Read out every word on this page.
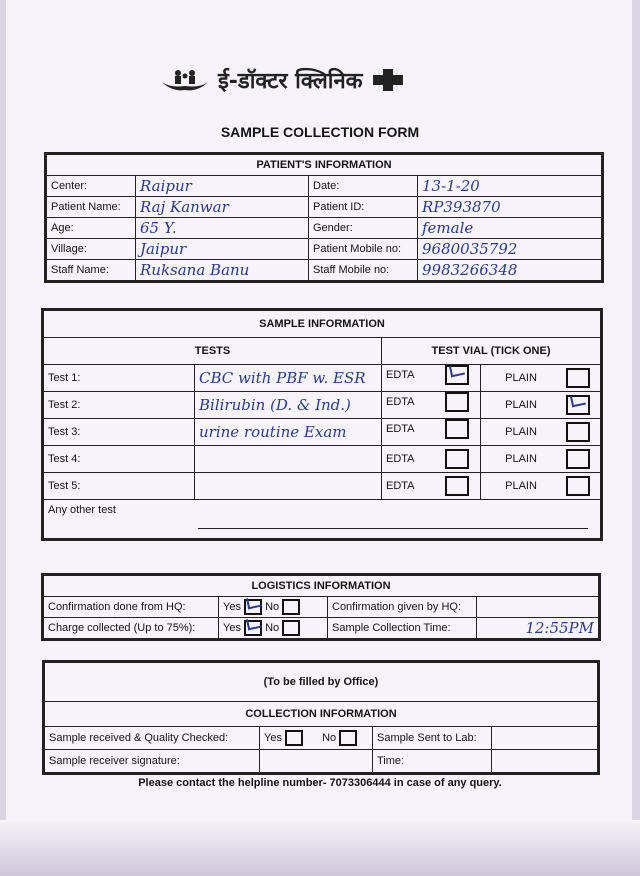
ई-डॉक्टर क्लिनिक
SAMPLE COLLECTION FORM
PATIENT'S INFORMATION			
Center:	Raipur	Date:	13-1-20
Patient Name:	Raj Kanwar	Patient ID:	RP393870
Age:	65 Y.	Gender:	female
Village:	Jaipur	Patient Mobile no:	9680035792
Staff Name:	Ruksana Banu	Staff Mobile no:	9983266348
SAMPLE INFORMATION			
TESTS		TEST VIAL (TICK ONE)	
Test 1:	CBC with PBF w. ESR	EDTA	PLAIN
Test 2:	Bilirubin (D. & Ind.)	EDTA	PLAIN
Test 3:	urine routine Exam	EDTA	PLAIN
Test 4:		EDTA	PLAIN
Test 5:		EDTA	PLAIN
Any other test			
LOGISTICS INFORMATION			
Confirmation done from HQ:	Yes No	Confirmation given by HQ:	
Charge collected (Up to 75%):	Yes No	Sample Collection Time:	12:55PM
(To be filled by Office)			
COLLECTION INFORMATION			
Sample received & Quality Checked:	Yes No	Sample Sent to Lab:	
Sample receiver signature:		Time:	
Please contact the helpline number- 7073306444 in case of any query.
